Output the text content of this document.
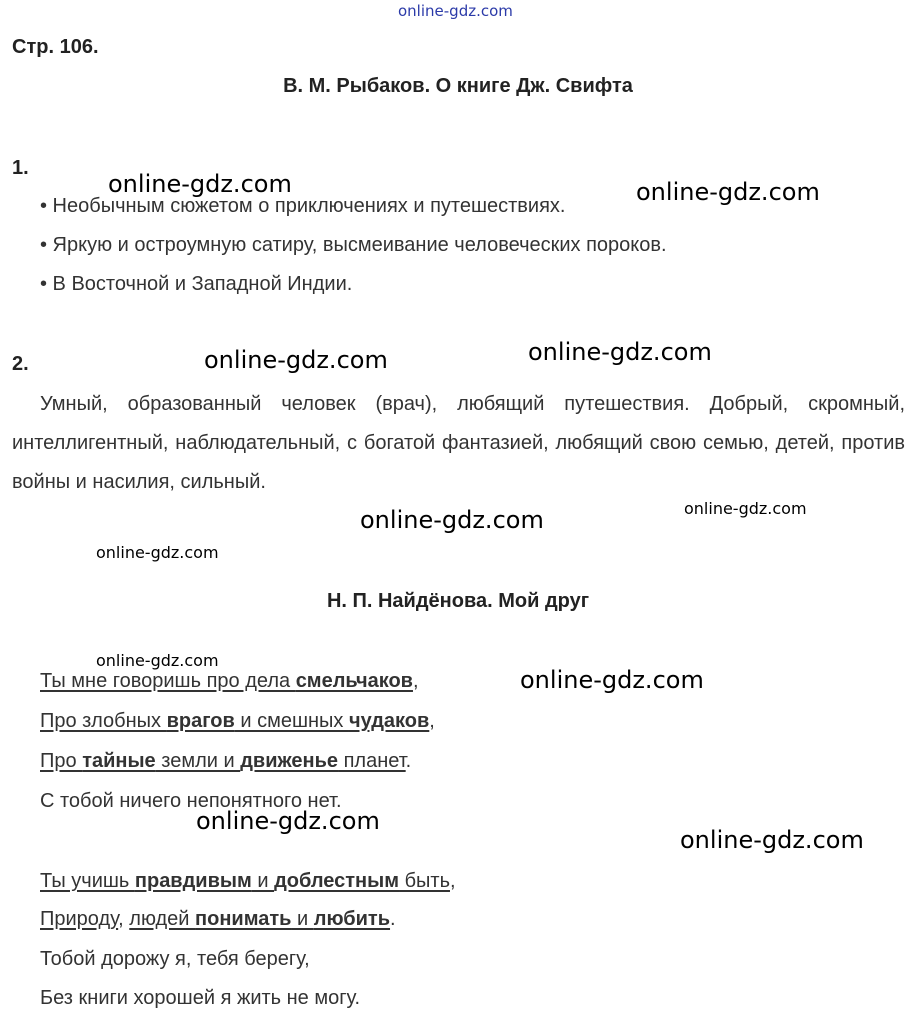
online-gdz.com
Стр. 106.
В. М. Рыбаков. О книге Дж. Свифта
1.
• Необычным сюжетом о приключениях и путешествиях.
• Яркую и остроумную сатиру, высмеивание человеческих пороков.
• В Восточной и Западной Индии.
2.
Умный, образованный человек (врач), любящий путешествия. Добрый, скромный, интеллигентный, наблюдательный, с богатой фантазией, любящий свою семью, детей, против войны и насилия, сильный.
Н. П. Найдёнова. Мой друг
Ты мне говоришь про дела смельчаков,
Про злобных врагов и смешных чудаков,
Про тайные земли и движенье планет.
С тобой ничего непонятного нет.
Ты учишь правдивым и доблестным быть,
Природу, людей понимать и любить.
Тобой дорожу я, тебя берегу,
Без книги хорошей я жить не могу.
online-gdz.com	online-gdz.com
online-gdz.com
online-gdz.com
online-gdz.com
online-gdz.com
online-gdz.com
online-gdz.com
online-gdz.com
online-gdz.com
online-gdz.com
